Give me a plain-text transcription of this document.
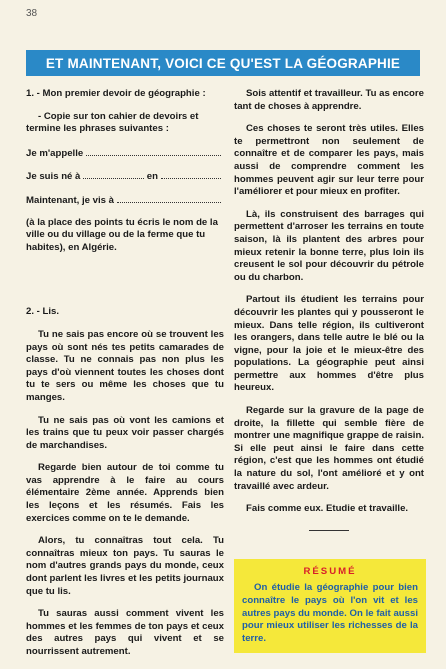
38
ET MAINTENANT, VOICI CE QU'EST LA GÉOGRAPHIE

1. - Mon premier devoir de géographie :

- Copie sur ton cahier de devoirs et termine les phrases suivantes :

Je m'appelle
Je suis né à	en
Maintenant, je vis à

(à la place des points tu écris le nom de la ville ou du village ou de la ferme que tu habites), en Algérie.

2. - Lis.

Tu ne sais pas encore où se trouvent les pays où sont nés tes petits camarades de classe. Tu ne connais pas non plus les pays d'où viennent toutes les choses dont tu te sers ou même les choses que tu manges.

Tu ne sais pas où vont les camions et les trains que tu peux voir passer chargés de marchandises.

Regarde bien autour de toi comme tu vas apprendre à le faire au cours élémentaire 2ème année. Apprends bien les leçons et les résumés. Fais les exercices comme on te le demande.

Alors, tu connaîtras tout cela. Tu connaîtras mieux ton pays. Tu sauras le nom d'autres grands pays du monde, ceux dont parlent les livres et les petits journaux que tu lis.

Tu sauras aussi comment vivent les hommes et les femmes de ton pays et ceux des autres pays qui vivent et se nourrissent autrement.

Sois attentif et travailleur. Tu as encore tant de choses à apprendre.

Ces choses te seront très utiles. Elles te permettront non seulement de connaître et de comparer les pays, mais aussi de comprendre comment les hommes peuvent agir sur leur terre pour l'améliorer et pour mieux en profiter.

Là, ils construisent des barrages qui permettent d'arroser les terrains en toute saison, là ils plantent des arbres pour mieux retenir la bonne terre, plus loin ils creusent le sol pour découvrir du pétrole ou du charbon.

Partout ils étudient les terrains pour découvrir les plantes qui y pousseront le mieux. Dans telle région, ils cultiveront les orangers, dans telle autre le blé ou la vigne, pour la joie et le mieux-être des populations. La géographie peut ainsi permettre aux hommes d'être plus heureux.

Regarde sur la gravure de la page de droite, la fillette qui semble fière de montrer une magnifique grappe de raisin. Si elle peut ainsi le faire dans cette région, c'est que les hommes ont étudié la nature du sol, l'ont amélioré et y ont travaillé avec ardeur.

Fais comme eux. Etudie et travaille.

RÉSUMÉ
On étudie la géographie pour bien connaître le pays où l'on vit et les autres pays du monde. On le fait aussi pour mieux utiliser les richesses de la terre.
